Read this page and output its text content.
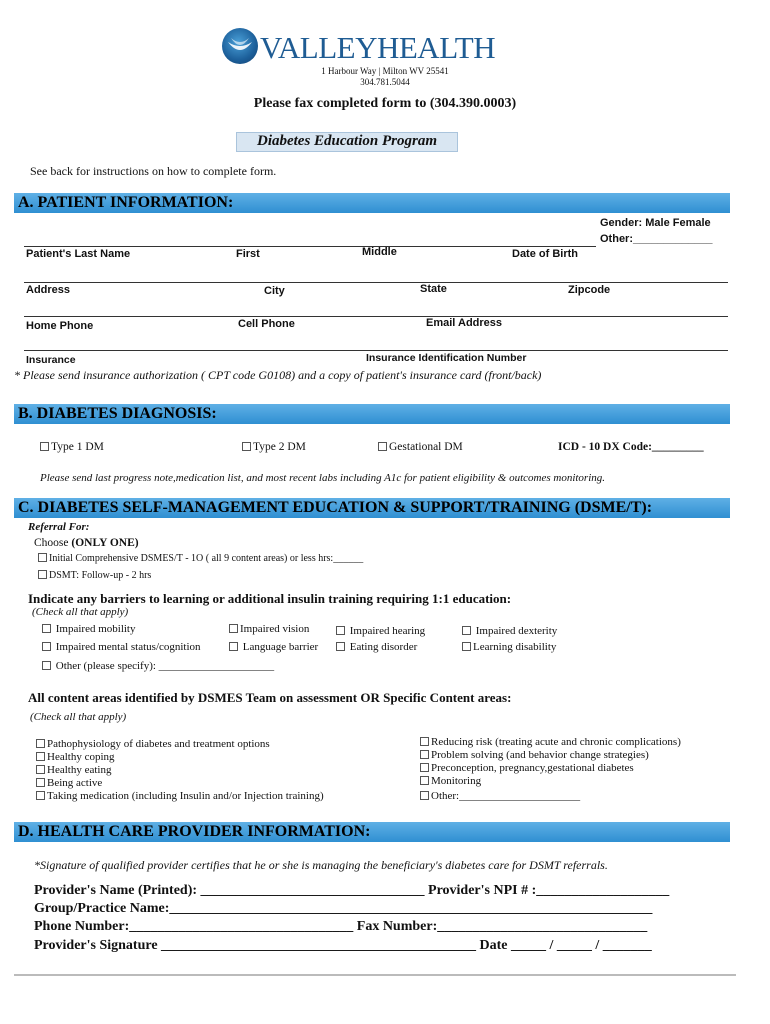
VALLEYHEALTH
1 Harbour Way | Milton WV 25541
304.781.5044
Please fax completed form to (304.390.0003)
Diabetes Education Program
See back for instructions on how to complete form.
A. PATIENT INFORMATION:
Gender: Male Female
Other:_____________
Patient's Last Name	First	Middle	Date of Birth
Address	City	State	Zipcode
Home Phone	Cell Phone	Email Address
Insurance	Insurance Identification Number
* Please send insurance authorization ( CPT code G0108) and a copy of patient's insurance card (front/back)
B. DIABETES DIAGNOSIS:
Type 1 DM	Type 2 DM	Gestational DM	ICD - 10 DX Code:_________
Please send last progress note,medication list, and most recent labs including A1c for patient eligibility & outcomes monitoring.
C. DIABETES SELF-MANAGEMENT EDUCATION & SUPPORT/TRAINING (DSME/T):
Referral For:
Choose (ONLY ONE)
Initial Comprehensive DSMES/T - 1O ( all 9 content areas) or less hrs:______
DSMT: Follow-up - 2 hrs
Indicate any barriers to learning or additional insulin training requiring 1:1 education:
(Check all that apply)
Impaired mobility	Impaired vision	Impaired hearing	Impaired dexterity
Impaired mental status/cognition	Language barrier	Eating disorder	Learning disability
Other (please specify): _____________________
All content areas identified by DSMES Team on assessment OR Specific Content areas:
(Check all that apply)
Pathophysiology of diabetes and treatment options
Healthy coping
Healthy eating
Being active
Taking medication (including Insulin and/or Injection training)
Reducing risk (treating acute and chronic complications)
Problem solving (and behavior change strategies)
Preconception, pregnancy,gestational diabetes
Monitoring
Other:______________________
D. HEALTH CARE PROVIDER INFORMATION:
*Signature of qualified provider certifies that he or she is managing the beneficiary's diabetes care for DSMT referrals.
Provider's Name (Printed): ________________________________ Provider's NPI # :___________________
Group/Practice Name:_____________________________________________________________________
Phone Number:________________________________ Fax Number:______________________________
Provider's Signature _____________________________________________ Date _____ / _____ / _______
